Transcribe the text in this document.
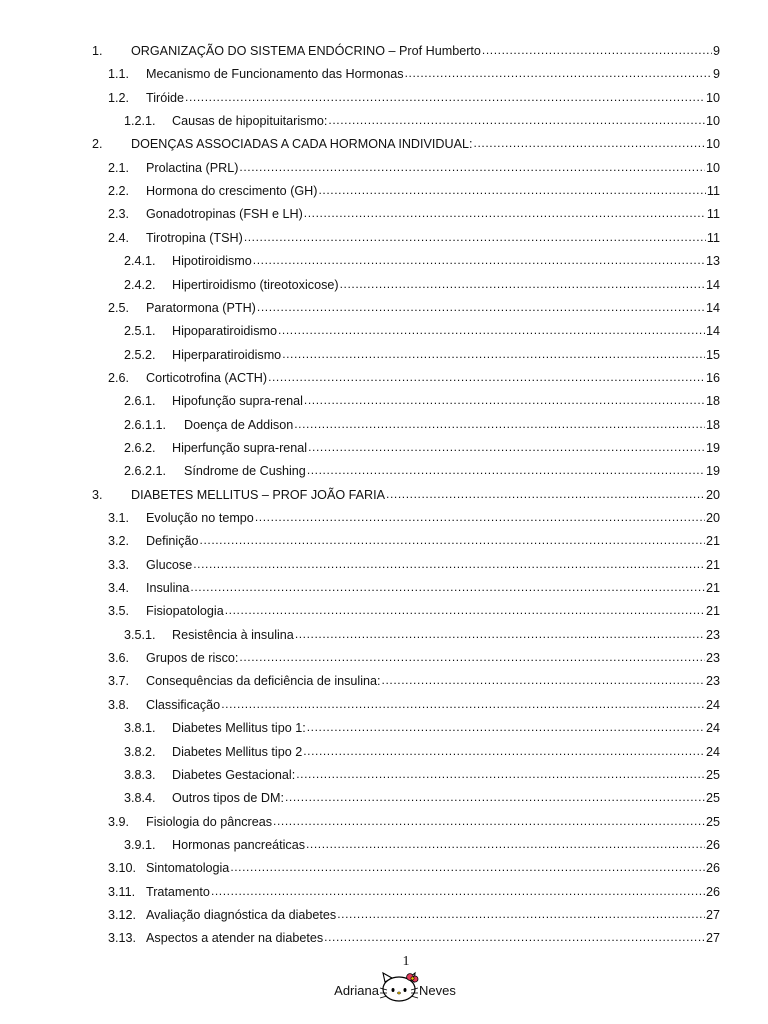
1.	ORGANIZAÇÃO DO SISTEMA ENDÓCRINO – Prof Humberto .....	9
1.1.	Mecanismo de Funcionamento das Hormonas .....	9
1.2.	Tiróide .....	10
1.2.1.	Causas de hipopituitarismo: .....	10
2.	DOENÇAS ASSOCIADAS A CADA HORMONA INDIVIDUAL: .....	10
2.1.	Prolactina (PRL) .....	10
2.2.	Hormona do crescimento (GH) .....	11
2.3.	Gonadotropinas (FSH e LH) .....	11
2.4.	Tirotropina (TSH) .....	11
2.4.1.	Hipotiroidismo .....	13
2.4.2.	Hipertiroidismo (tireotoxicose) .....	14
2.5.	Paratormona (PTH) .....	14
2.5.1.	Hipoparatiroidismo .....	14
2.5.2.	Hiperparatiroidismo .....	15
2.6.	Corticotrofina (ACTH) .....	16
2.6.1.	Hipofunção supra-renal .....	18
2.6.1.1.	Doença de Addison .....	18
2.6.2.	Hiperfunção supra-renal .....	19
2.6.2.1.	Síndrome de Cushing .....	19
3.	DIABETES MELLITUS – PROF JOÃO FARIA .....	20
3.1.	Evolução no tempo .....	20
3.2.	Definição .....	21
3.3.	Glucose .....	21
3.4.	Insulina .....	21
3.5.	Fisiopatologia .....	21
3.5.1.	Resistência à insulina .....	23
3.6.	Grupos de risco: .....	23
3.7.	Consequências da deficiência de insulina: .....	23
3.8.	Classificação .....	24
3.8.1.	Diabetes Mellitus tipo 1: .....	24
3.8.2.	Diabetes Mellitus tipo 2 .....	24
3.8.3.	Diabetes Gestacional: .....	25
3.8.4.	Outros tipos de DM: .....	25
3.9.	Fisiologia do pâncreas .....	25
3.9.1.	Hormonas pancreáticas .....	26
3.10. Sintomatologia .....	26
3.11. Tratamento .....	26
3.12. Avaliação diagnóstica da diabetes .....	27
3.13. Aspectos a atender na diabetes .....	27
1
Adriana	Neves
